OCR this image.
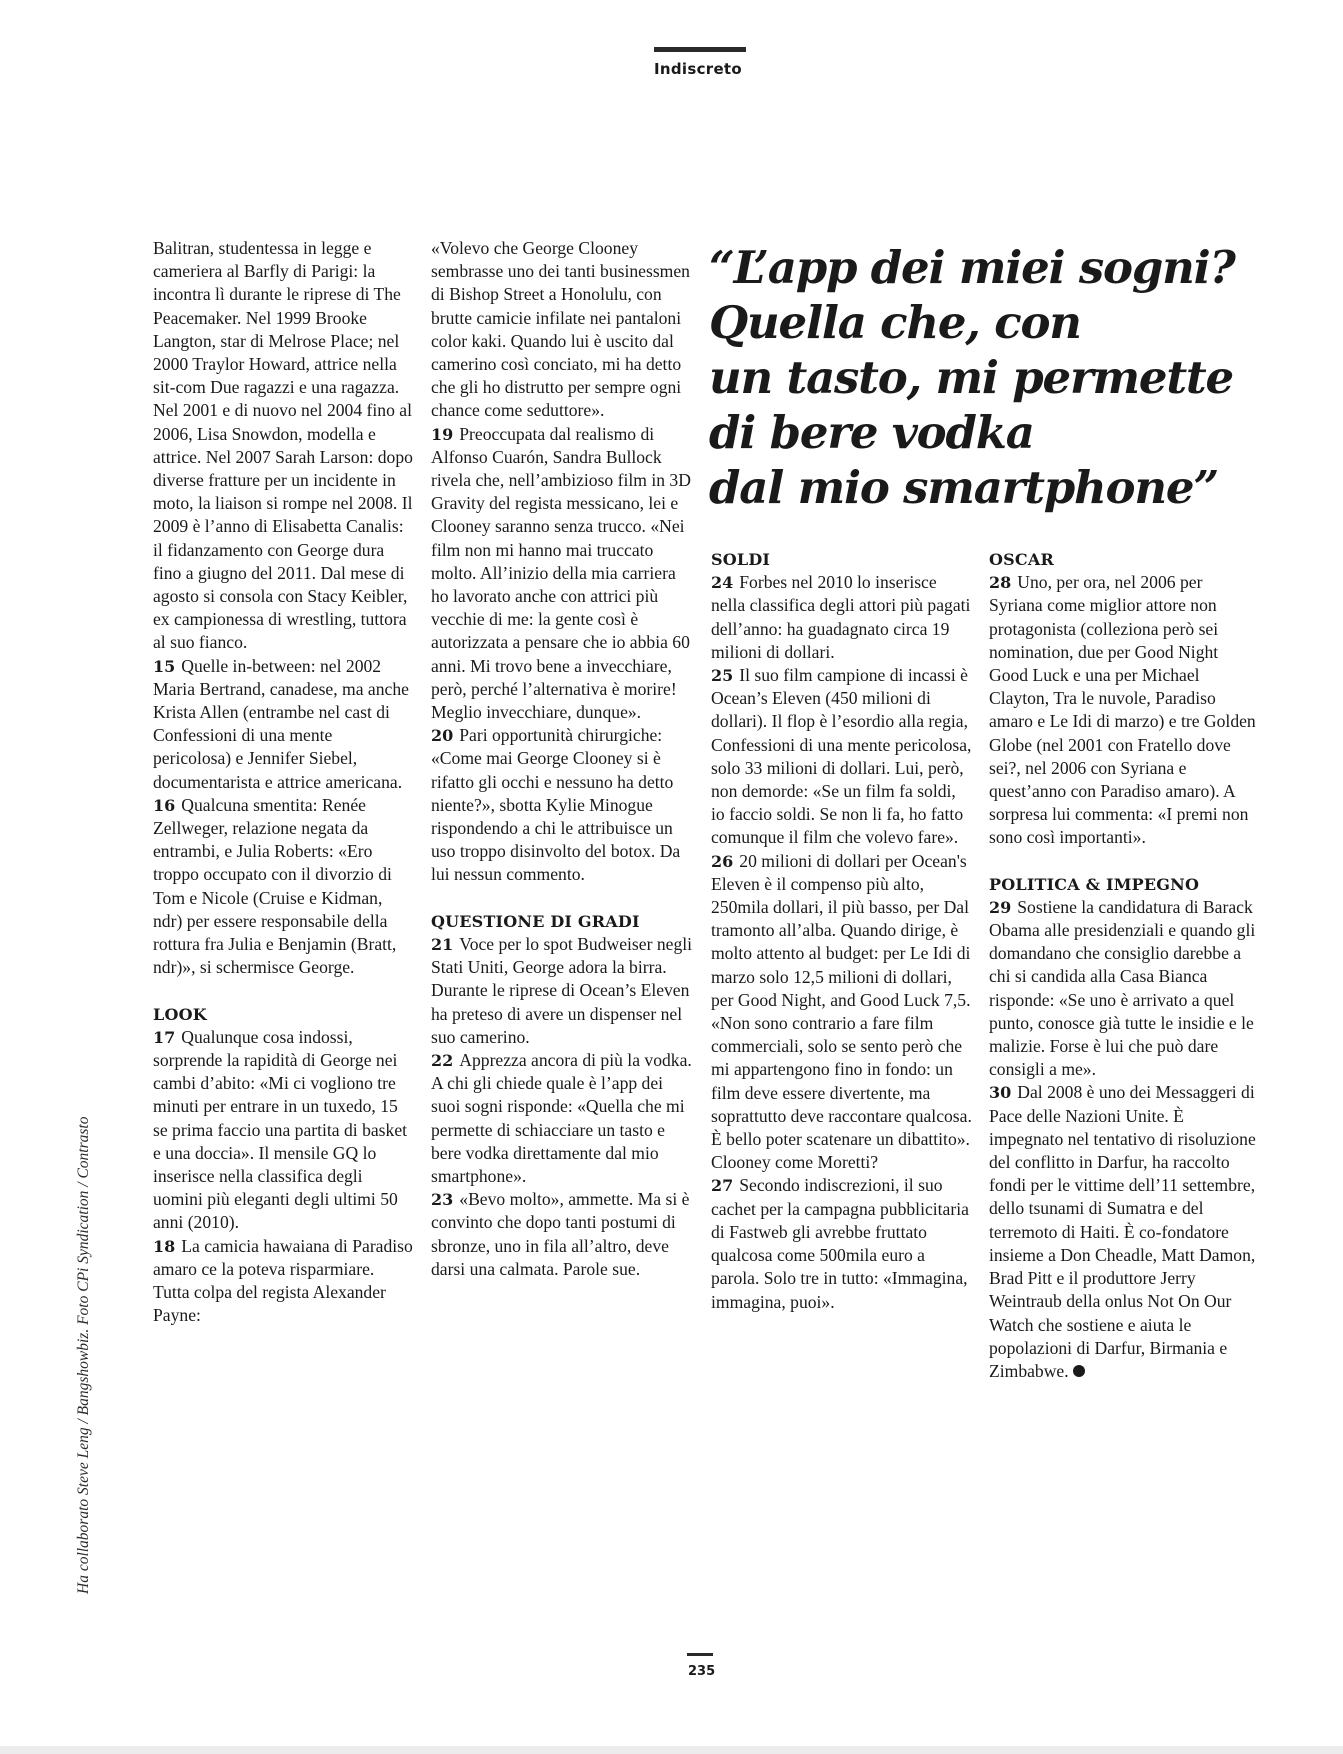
Indiscreto
Ha collaborato Steve Leng / Bangshowbiz. Foto CPi Syndication / Contrasto

Balitran, studentessa in legge e cameriera al Barfly di Parigi: la incontra lì durante le riprese di The Peacemaker. Nel 1999 Brooke Langton, star di Melrose Place; nel 2000 Traylor Howard, attrice nella sit-com Due ragazzi e una ragazza. Nel 2001 e di nuovo nel 2004 fino al 2006, Lisa Snowdon, modella e attrice. Nel 2007 Sarah Larson: dopo diverse fratture per un incidente in moto, la liaison si rompe nel 2008. Il 2009 è l’anno di Elisabetta Canalis: il fidanzamento con George dura fino a giugno del 2011. Dal mese di agosto si consola con Stacy Keibler, ex campionessa di wrestling, tuttora al suo fianco.

15 Quelle in-between: nel 2002 Maria Bertrand, canadese, ma anche Krista Allen (entrambe nel cast di Confessioni di una mente pericolosa) e Jennifer Siebel, documentarista e attrice americana.

16 Qualcuna smentita: Renée Zellweger, relazione negata da entrambi, e Julia Roberts: «Ero troppo occupato con il divorzio di Tom e Nicole (Cruise e Kidman, ndr) per essere responsabile della rottura fra Julia e Benjamin (Bratt, ndr)», si schermisce George.

LOOK

17 Qualunque cosa indossi, sorprende la rapidità di George nei cambi d’abito: «Mi ci vogliono tre minuti per entrare in un tuxedo, 15 se prima faccio una partita di basket e una doccia». Il mensile GQ lo inserisce nella classifica degli uomini più eleganti degli ultimi 50 anni (2010).

18 La camicia hawaiana di Paradiso amaro ce la poteva risparmiare. Tutta colpa del regista Alexander Payne:

«Volevo che George Clooney sembrasse uno dei tanti businessmen di Bishop Street a Honolulu, con brutte camicie infilate nei pantaloni color kaki. Quando lui è uscito dal camerino così conciato, mi ha detto che gli ho distrutto per sempre ogni chance come seduttore».

19 Preoccupata dal realismo di Alfonso Cuarón, Sandra Bullock rivela che, nell’ambizioso film in 3D Gravity del regista messicano, lei e Clooney saranno senza trucco. «Nei film non mi hanno mai truccato molto. All’inizio della mia carriera ho lavorato anche con attrici più vecchie di me: la gente così è autorizzata a pensare che io abbia 60 anni. Mi trovo bene a invecchiare, però, perché l’alternativa è morire! Meglio invecchiare, dunque».

20 Pari opportunità chirurgiche: «Come mai George Clooney si è rifatto gli occhi e nessuno ha detto niente?», sbotta Kylie Minogue rispondendo a chi le attribuisce un uso troppo disinvolto del botox. Da lui nessun commento.

QUESTIONE DI GRADI

21 Voce per lo spot Budweiser negli Stati Uniti, George adora la birra. Durante le riprese di Ocean’s Eleven ha preteso di avere un dispenser nel suo camerino.

22 Apprezza ancora di più la vodka. A chi gli chiede quale è l’app dei suoi sogni risponde: «Quella che mi permette di schiacciare un tasto e bere vodka direttamente dal mio smartphone».

23 «Bevo molto», ammette. Ma si è convinto che dopo tanti postumi di sbronze, uno in fila all’altro, deve darsi una calmata. Parole sue.

“L’app dei miei sogni?
Quella che, con
un tasto, mi permette
di bere vodka
dal mio smartphone”

SOLDI

24 Forbes nel 2010 lo inserisce nella classifica degli attori più pagati dell’anno: ha guadagnato circa 19 milioni di dollari.

25 Il suo film campione di incassi è Ocean’s Eleven (450 milioni di dollari). Il flop è l’esordio alla regia, Confessioni di una mente pericolosa, solo 33 milioni di dollari. Lui, però, non demorde: «Se un film fa soldi, io faccio soldi. Se non li fa, ho fatto comunque il film che volevo fare».

26 20 milioni di dollari per Ocean's Eleven è il compenso più alto, 250mila dollari, il più basso, per Dal tramonto all’alba. Quando dirige, è molto attento al budget: per Le Idi di marzo solo 12,5 milioni di dollari, per Good Night, and Good Luck 7,5. «Non sono contrario a fare film commerciali, solo se sento però che mi appartengono fino in fondo: un film deve essere divertente, ma soprattutto deve raccontare qualcosa. È bello poter scatenare un dibattito». Clooney come Moretti?

27 Secondo indiscrezioni, il suo cachet per la campagna pubblicitaria di Fastweb gli avrebbe fruttato qualcosa come 500mila euro a parola. Solo tre in tutto: «Immagina, immagina, puoi».

OSCAR

28 Uno, per ora, nel 2006 per Syriana come miglior attore non protagonista (colleziona però sei nomination, due per Good Night Good Luck e una per Michael Clayton, Tra le nuvole, Paradiso amaro e Le Idi di marzo) e tre Golden Globe (nel 2001 con Fratello dove sei?, nel 2006 con Syriana e quest’anno con Paradiso amaro). A sorpresa lui commenta: «I premi non sono così importanti».

POLITICA & IMPEGNO

29 Sostiene la candidatura di Barack Obama alle presidenziali e quando gli domandano che consiglio darebbe a chi si candida alla Casa Bianca risponde: «Se uno è arrivato a quel punto, conosce già tutte le insidie e le malizie. Forse è lui che può dare consigli a me».

30 Dal 2008 è uno dei Messaggeri di Pace delle Nazioni Unite. È impegnato nel tentativo di risoluzione del conflitto in Darfur, ha raccolto fondi per le vittime dell’11 settembre, dello tsunami di Sumatra e del terremoto di Haiti. È co-fondatore insieme a Don Cheadle, Matt Damon, Brad Pitt e il produttore Jerry Weintraub della onlus Not On Our Watch che sostiene e aiuta le popolazioni di Darfur, Birmania e Zimbabwe.

235
